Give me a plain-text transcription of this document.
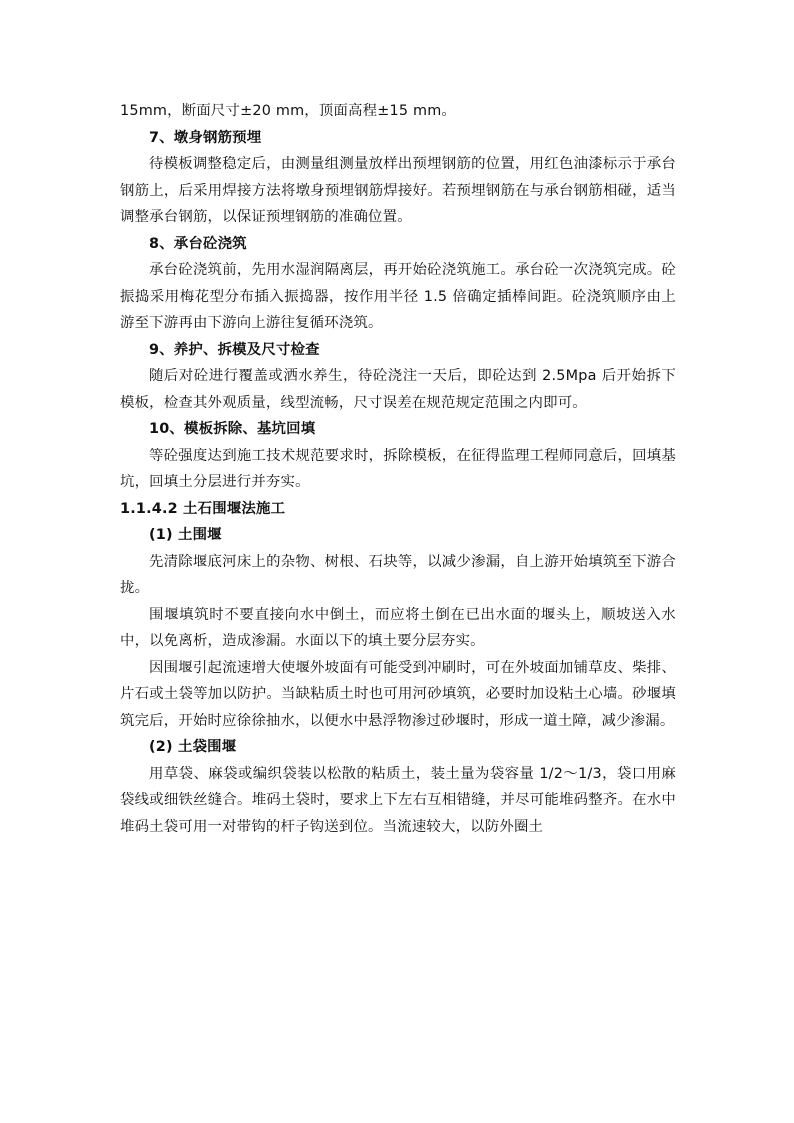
15mm，断面尺寸±20 mm，顶面高程±15 mm。

7、墩身钢筋预埋

待模板调整稳定后，由测量组测量放样出预埋钢筋的位置，用红色油漆标示于承台钢筋上，后采用焊接方法将墩身预埋钢筋焊接好。若预埋钢筋在与承台钢筋相碰，适当调整承台钢筋，以保证预埋钢筋的准确位置。

8、承台砼浇筑

承台砼浇筑前，先用水湿润隔离层，再开始砼浇筑施工。承台砼一次浇筑完成。砼振捣采用梅花型分布插入振捣器，按作用半径 1.5 倍确定插棒间距。砼浇筑顺序由上游至下游再由下游向上游往复循环浇筑。

9、养护、拆模及尺寸检查

随后对砼进行覆盖或洒水养生，待砼浇注一天后，即砼达到 2.5Mpa 后开始拆下模板，检查其外观质量，线型流畅，尺寸误差在规范规定范围之内即可。

10、模板拆除、基坑回填

等砼强度达到施工技术规范要求时，拆除模板，在征得监理工程师同意后，回填基坑，回填土分层进行并夯实。

1.1.4.2 土石围堰法施工

(1) 土围堰

先清除堰底河床上的杂物、树根、石块等，以减少渗漏，自上游开始填筑至下游合拢。

围堰填筑时不要直接向水中倒土，而应将土倒在已出水面的堰头上，顺坡送入水中，以免离析，造成渗漏。水面以下的填土要分层夯实。

因围堰引起流速增大使堰外坡面有可能受到冲刷时，可在外坡面加铺草皮、柴排、片石或土袋等加以防护。当缺粘质土时也可用河砂填筑，必要时加设粘土心墙。砂堰填筑完后，开始时应徐徐抽水，以便水中悬浮物渗过砂堰时，形成一道土障，减少渗漏。

(2) 土袋围堰

用草袋、麻袋或编织袋装以松散的粘质土，装土量为袋容量 1/2～1/3，袋口用麻袋线或细铁丝缝合。堆码土袋时，要求上下左右互相错缝，并尽可能堆码整齐。在水中堆码土袋可用一对带钩的杆子钩送到位。当流速较大，以防外圈土
